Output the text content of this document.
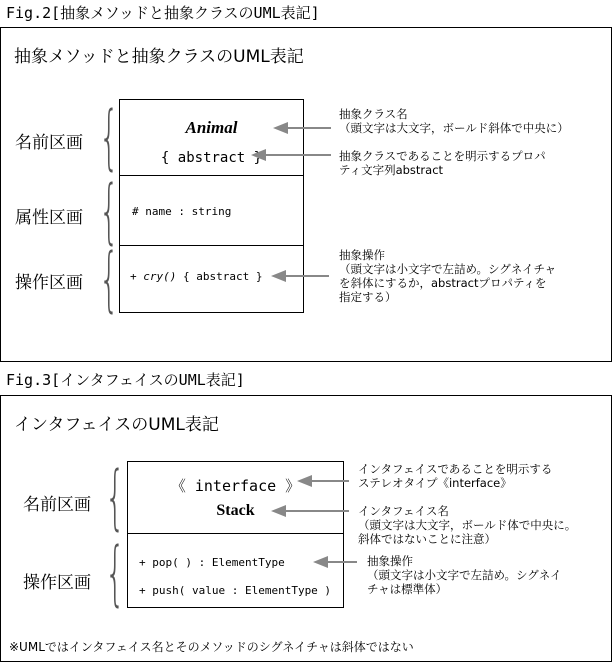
Fig.2[抽象メソッドと抽象クラスのUML表記]
抽象メソッドと抽象クラスのUML表記
名前区画 {
属性区画 {
操作区画 {
Animal
{ abstract }
# name : string
+ cry() { abstract }
抽象クラス名
（頭文字は大文字，ボールド斜体で中央に）
抽象クラスであることを明示するプロパ
ティ文字列abstract
抽象操作
（頭文字は小文字で左詰め。シグネイチャ
を斜体にするか，abstractプロパティを
指定する）
Fig.3[インタフェイスのUML表記]
インタフェイスのUML表記
名前区画 {
操作区画 {
《 interface 》
Stack
+ pop( ) : ElementType
+ push( value : ElementType )
インタフェイスであることを明示する
ステレオタイプ《interface》
インタフェイス名
（頭文字は大文字，ボールド体で中央に。
斜体ではないことに注意）
抽象操作
（頭文字は小文字で左詰め。シグネイ
チャは標準体）
※UMLではインタフェイス名とそのメソッドのシグネイチャは斜体ではない
